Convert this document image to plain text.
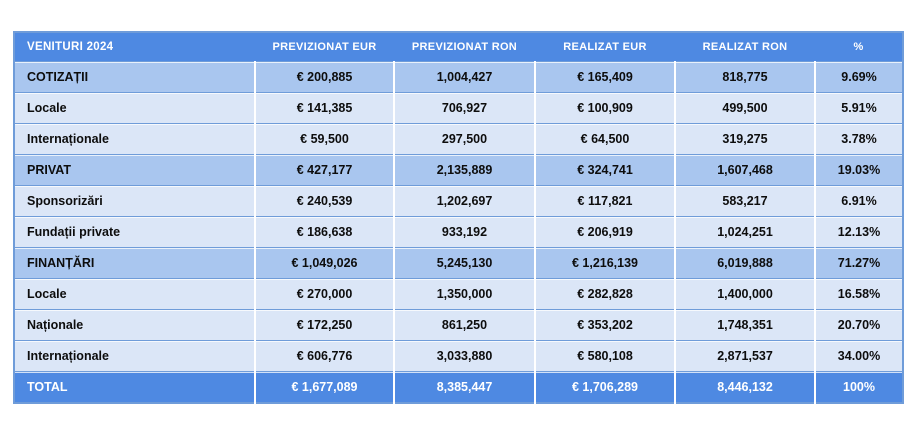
VENITURI 2024	PREVIZIONAT EUR	PREVIZIONAT RON	REALIZAT EUR	REALIZAT RON	%
COTIZAȚII	€ 200,885	1,004,427	€ 165,409	818,775	9.69%
Locale	€ 141,385	706,927	€ 100,909	499,500	5.91%
Internaționale	€ 59,500	297,500	€ 64,500	319,275	3.78%
PRIVAT	€ 427,177	2,135,889	€ 324,741	1,607,468	19.03%
Sponsorizări	€ 240,539	1,202,697	€ 117,821	583,217	6.91%
Fundații private	€ 186,638	933,192	€ 206,919	1,024,251	12.13%
FINANȚĂRI	€ 1,049,026	5,245,130	€ 1,216,139	6,019,888	71.27%
Locale	€ 270,000	1,350,000	€ 282,828	1,400,000	16.58%
Naționale	€ 172,250	861,250	€ 353,202	1,748,351	20.70%
Internaționale	€ 606,776	3,033,880	€ 580,108	2,871,537	34.00%
TOTAL	€ 1,677,089	8,385,447	€ 1,706,289	8,446,132	100%
